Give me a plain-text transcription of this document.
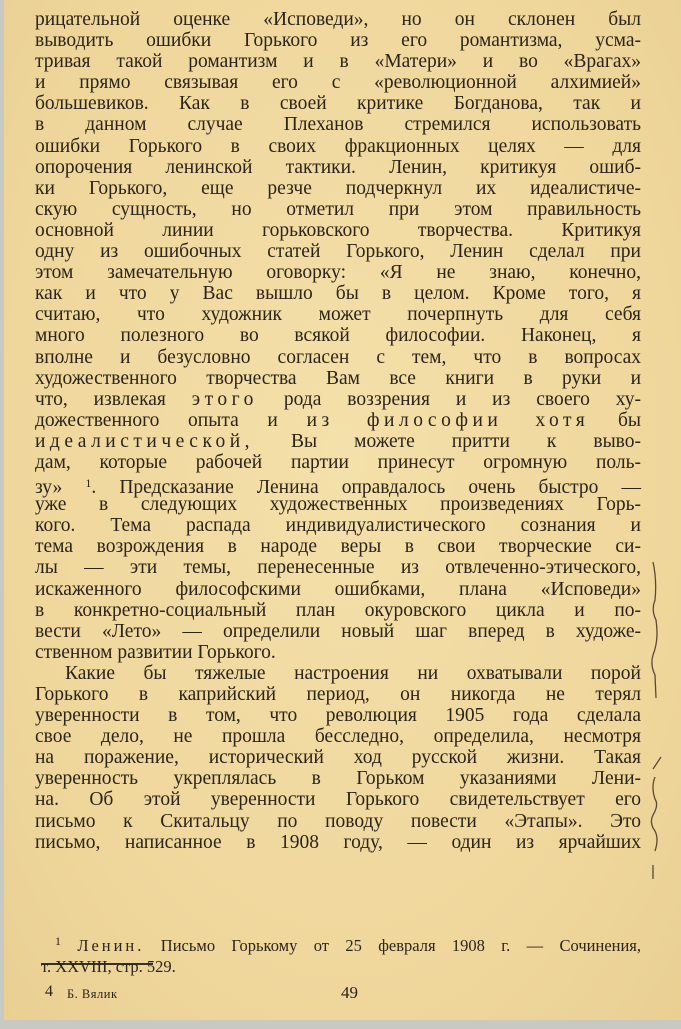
рицательной оценке «Исповеди», но он склонен был
выводить ошибки Горького из его романтизма, усма-
тривая такой романтизм и в «Матери» и во «Врагах»
и прямо связывая его с «революционной алхимией»
большевиков. Как в своей критике Богданова, так и
в данном случае Плеханов стремился использовать
ошибки Горького в своих фракционных целях — для
опорочения ленинской тактики. Ленин, критикуя ошиб-
ки Горького, еще резче подчеркнул их идеалистиче-
скую сущность, но отметил при этом правильность
основной линии горьковского творчества. Критикуя
одну из ошибочных статей Горького, Ленин сделал при
этом замечательную оговорку: «Я не знаю, конечно,
как и что у Вас вышло бы в целом. Кроме того, я
считаю, что художник может почерпнуть для себя
много полезного во всякой философии. Наконец, я
вполне и безусловно согласен с тем, что в вопросах
художественного творчества Вам все книги в руки и
что, извлекая этого рода воззрения и из своего ху-
дожественного опыта и из философии хотя бы
идеалистической, Вы можете притти к выво-
дам, которые рабочей партии принесут огромную поль-
зу» $^1$. Предсказание Ленина оправдалось очень быстро —
уже в следующих художественных произведениях Горь-
кого. Тема распада индивидуалистического сознания и
тема возрождения в народе веры в свои творческие си-
лы — эти темы, перенесенные из отвлеченно-этического,
искаженного философскими ошибками, плана «Исповеди»
в конкретно-социальный план окуровского цикла и по-
вести «Лето» — определили новый шаг вперед в художе-
ственном развитии Горького.
Какие бы тяжелые настроения ни охватывали порой
Горького в каприйский период, он никогда не терял
уверенности в том, что революция 1905 года сделала
свое дело, не прошла бесследно, определила, несмотря
на поражение, исторический ход русской жизни. Такая
уверенность укреплялась в Горьком указаниями Лени-
на. Об этой уверенности Горького свидетельствует его
письмо к Скитальцу по поводу повести «Этапы». Это
письмо, написанное в 1908 году, — один из ярчайших
$^1$ Ленин. Письмо Горькому от 25 февраля 1908 г. — Сочинения,
т. XXVIII, стр. 529.
4 Б. Вялик	49
